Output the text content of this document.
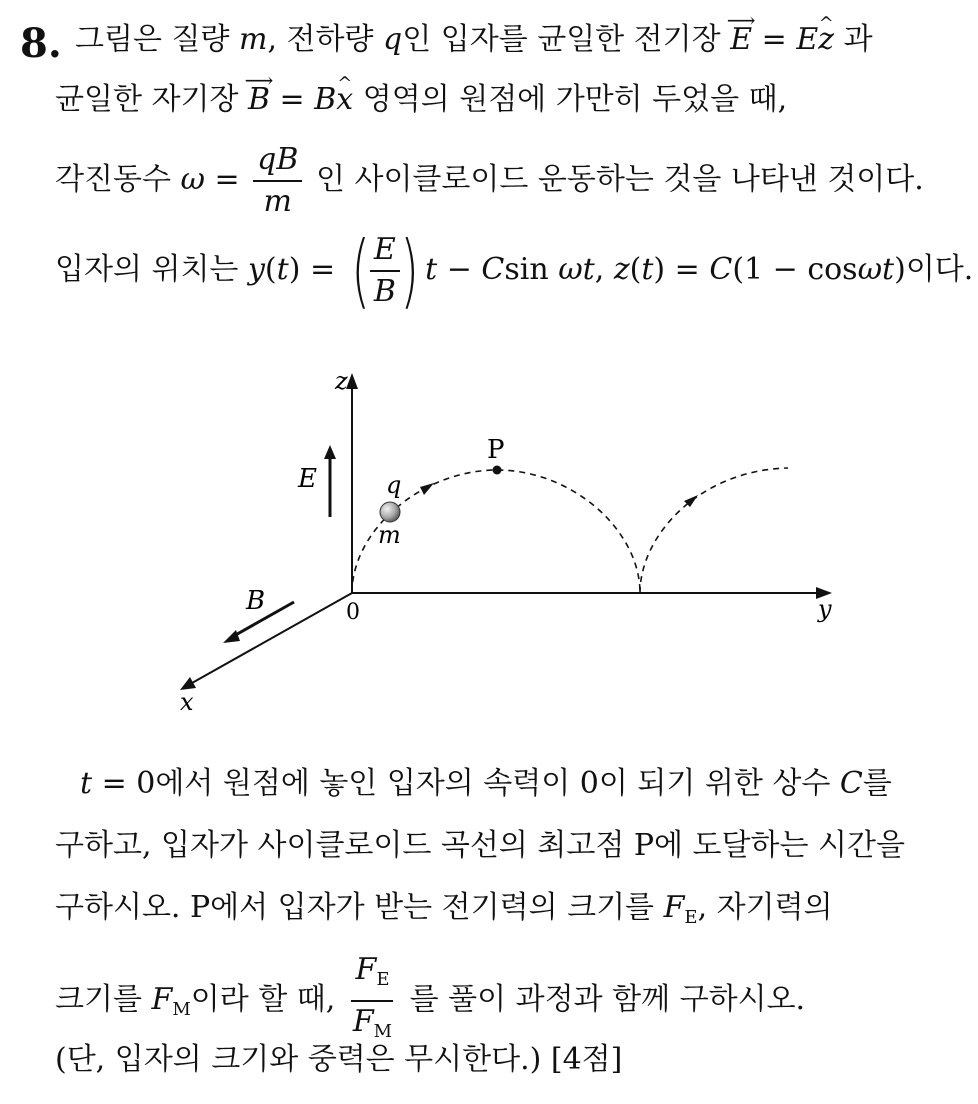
8. 그림은 질량 m, 전하량 q인 입자를 균일한 전기장 ⟶ E = E^ z 과
균일한 자기장 ⟶ B = B^ x 영역의 원점에 가만히 두었을 때,
각진동수 $\omega = \frac{qB}{m}$ 인 사이클로이드 운동하는 것을 나타낸 것이다.
입자의 위치는 y(t) = ( $\frac{E}{B}$ ) t − Csin ωt, z(t) = C(1 − cosωt)이다.
z
y
x
0
E
B
P
q
m
t = 0에서 원점에 놓인 입자의 속력이 0이 되기 위한 상수 C를
구하고, 입자가 사이클로이드 곡선의 최고점 P에 도달하는 시간을
구하시오. P에서 입자가 받는 전기력의 크기를 $F_E$, 자기력의
크기를 $F_M$이라 할 때, $\frac{F_E}{F_M}$ 를 풀이 과정과 함께 구하시오.
(단, 입자의 크기와 중력은 무시한다.) [4점]
